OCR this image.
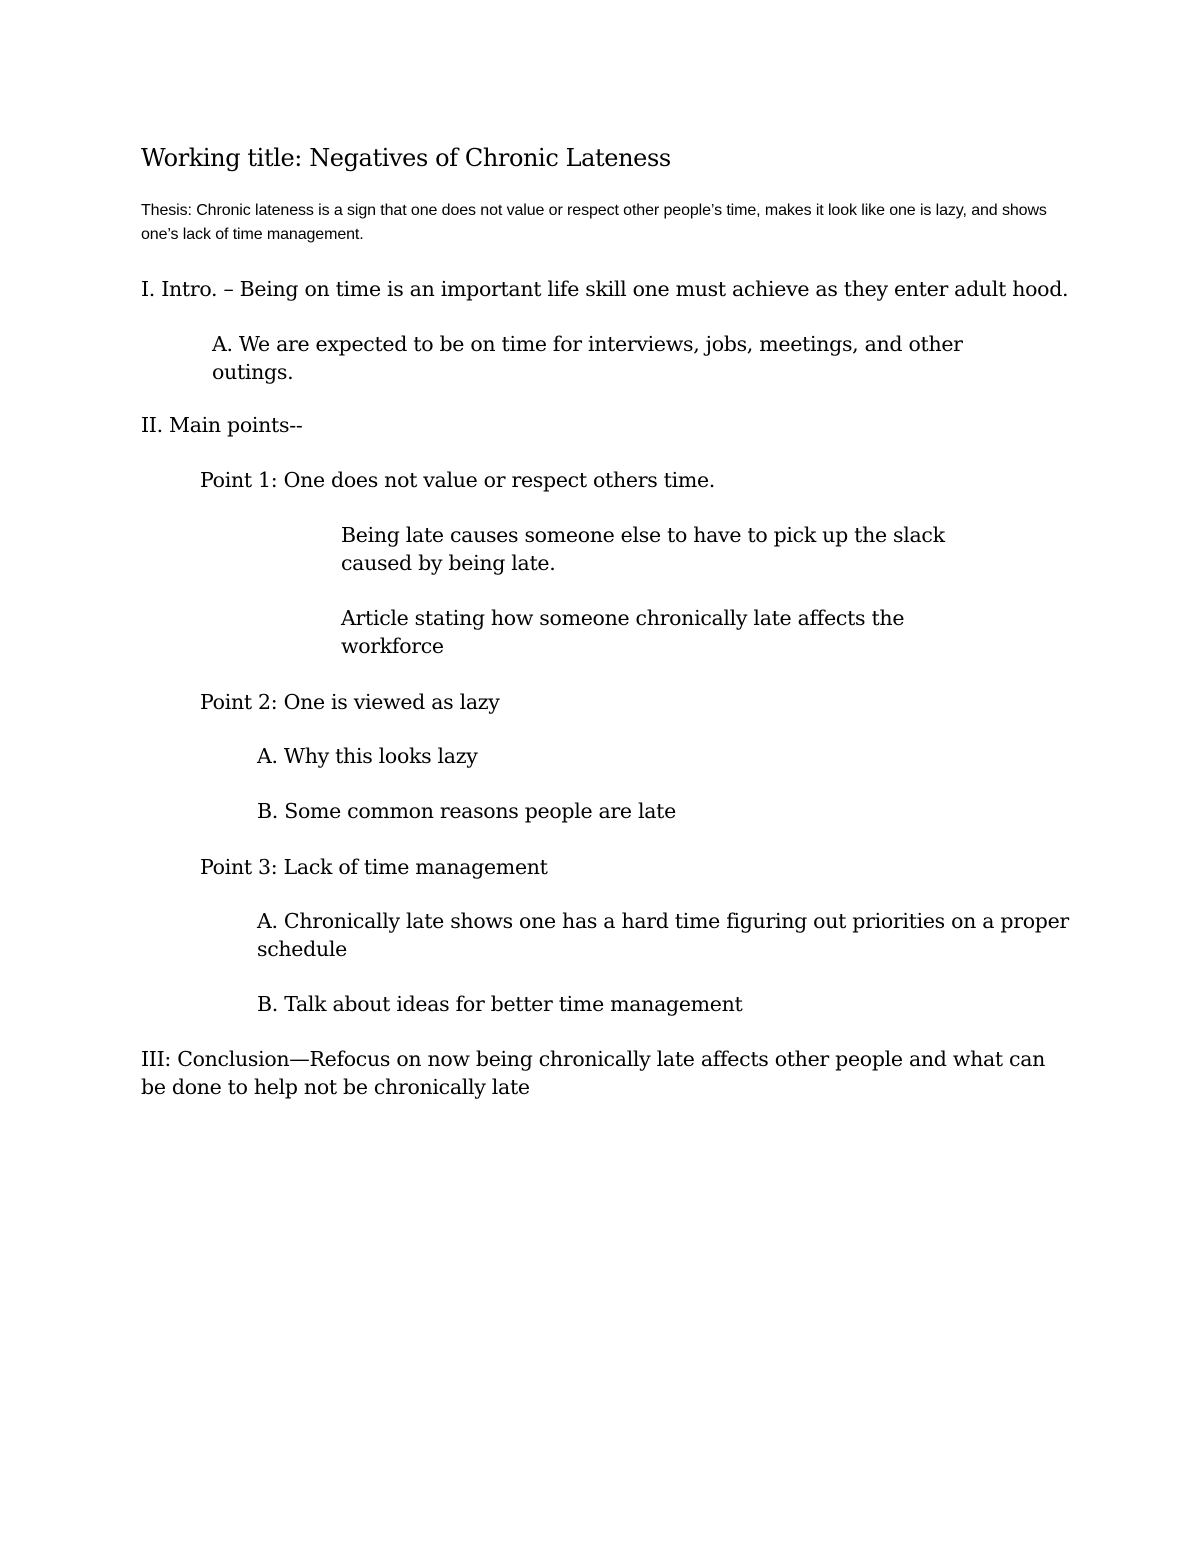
Working title: Negatives of Chronic Lateness

Thesis: Chronic lateness is a sign that one does not value or respect other people’s time, makes it look like one is lazy, and shows one’s lack of time management.

I. Intro. – Being on time is an important life skill one must achieve as they enter adult hood.

A. We are expected to be on time for interviews, jobs, meetings, and other outings.

II. Main points--

Point 1: One does not value or respect others time.

Being late causes someone else to have to pick up the slack caused by being late.

Article stating how someone chronically late affects the workforce

Point 2: One is viewed as lazy

A. Why this looks lazy

B. Some common reasons people are late

Point 3: Lack of time management

A. Chronically late shows one has a hard time figuring out priorities on a proper schedule

B. Talk about ideas for better time management

III: Conclusion—Refocus on now being chronically late affects other people and what can be done to help not be chronically late
